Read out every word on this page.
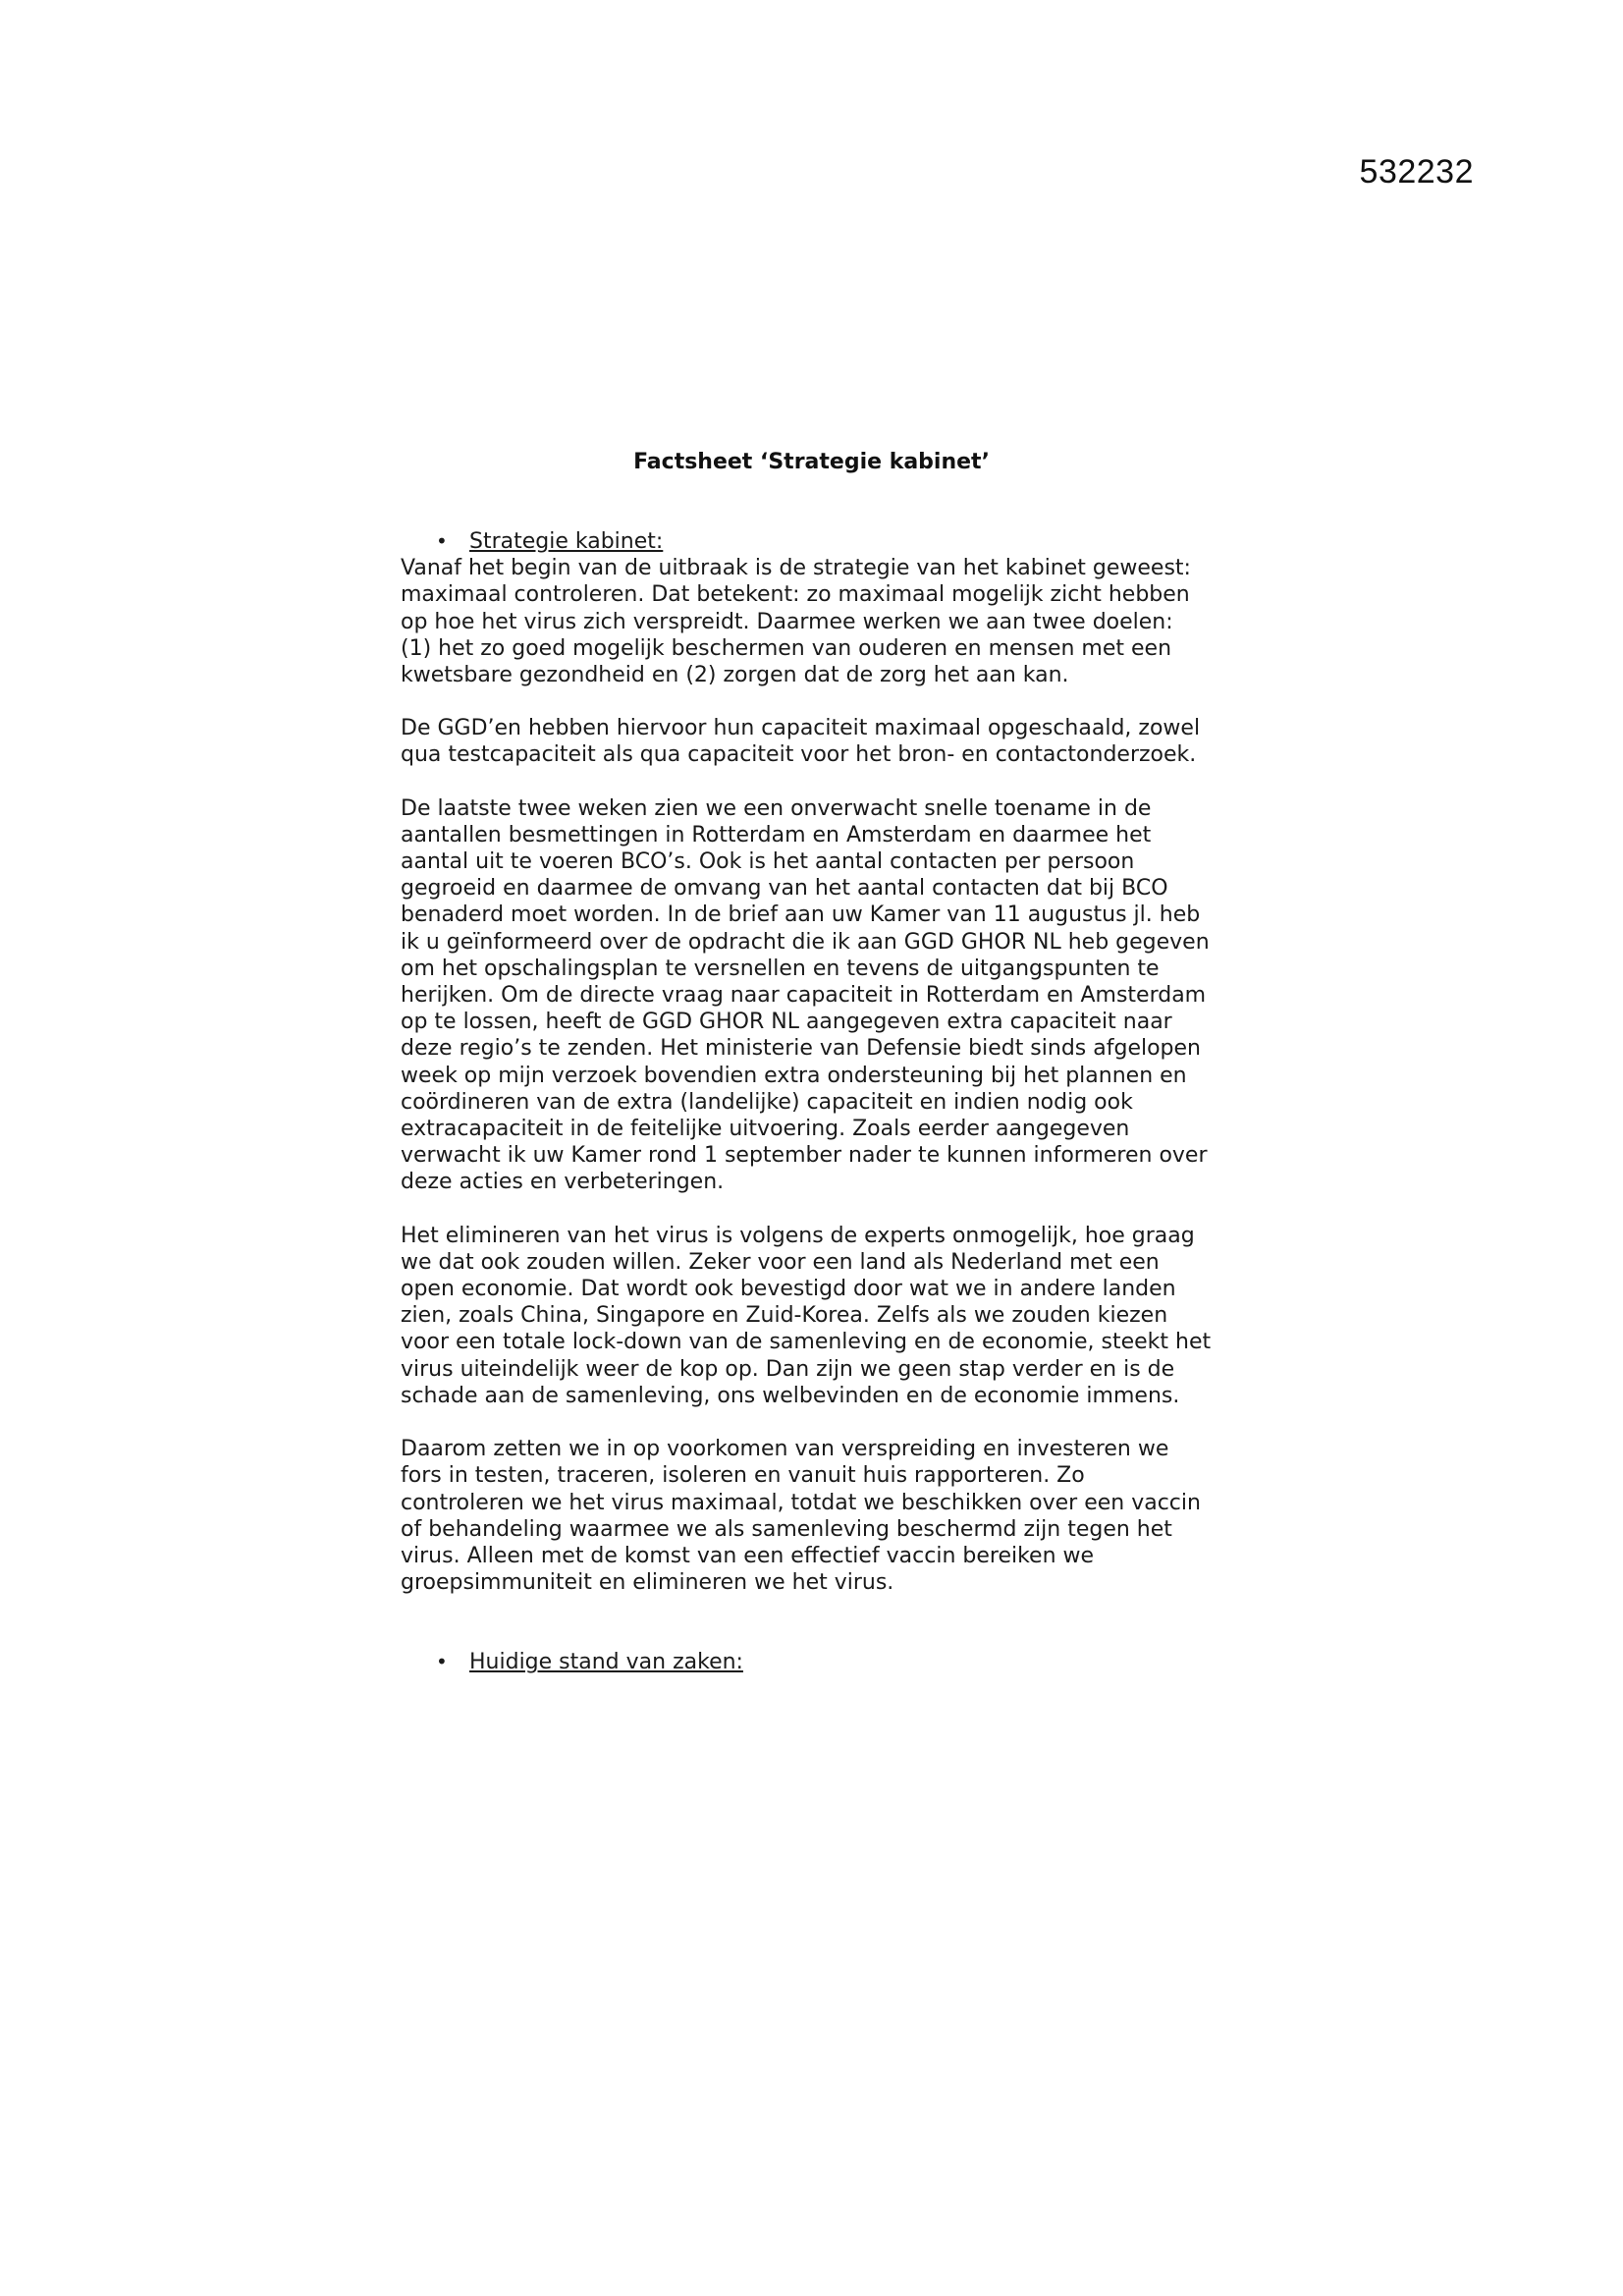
532232
Factsheet ‘Strategie kabinet’
• Strategie kabinet:

Vanaf het begin van de uitbraak is de strategie van het kabinet geweest:
maximaal controleren. Dat betekent: zo maximaal mogelijk zicht hebben
op hoe het virus zich verspreidt. Daarmee werken we aan twee doelen:
(1) het zo goed mogelijk beschermen van ouderen en mensen met een
kwetsbare gezondheid en (2) zorgen dat de zorg het aan kan.

De GGD’en hebben hiervoor hun capaciteit maximaal opgeschaald, zowel
qua testcapaciteit als qua capaciteit voor het bron- en contactonderzoek.

De laatste twee weken zien we een onverwacht snelle toename in de
aantallen besmettingen in Rotterdam en Amsterdam en daarmee het
aantal uit te voeren BCO’s. Ook is het aantal contacten per persoon
gegroeid en daarmee de omvang van het aantal contacten dat bij BCO
benaderd moet worden. In de brief aan uw Kamer van 11 augustus jl. heb
ik u geïnformeerd over de opdracht die ik aan GGD GHOR NL heb gegeven
om het opschalingsplan te versnellen en tevens de uitgangspunten te
herijken. Om de directe vraag naar capaciteit in Rotterdam en Amsterdam
op te lossen, heeft de GGD GHOR NL aangegeven extra capaciteit naar
deze regio’s te zenden. Het ministerie van Defensie biedt sinds afgelopen
week op mijn verzoek bovendien extra ondersteuning bij het plannen en
coördineren van de extra (landelijke) capaciteit en indien nodig ook
extracapaciteit in de feitelijke uitvoering. Zoals eerder aangegeven
verwacht ik uw Kamer rond 1 september nader te kunnen informeren over
deze acties en verbeteringen.

Het elimineren van het virus is volgens de experts onmogelijk, hoe graag
we dat ook zouden willen. Zeker voor een land als Nederland met een
open economie. Dat wordt ook bevestigd door wat we in andere landen
zien, zoals China, Singapore en Zuid-Korea. Zelfs als we zouden kiezen
voor een totale lock-down van de samenleving en de economie, steekt het
virus uiteindelijk weer de kop op. Dan zijn we geen stap verder en is de
schade aan de samenleving, ons welbevinden en de economie immens.

Daarom zetten we in op voorkomen van verspreiding en investeren we
fors in testen, traceren, isoleren en vanuit huis rapporteren. Zo
controleren we het virus maximaal, totdat we beschikken over een vaccin
of behandeling waarmee we als samenleving beschermd zijn tegen het
virus. Alleen met de komst van een effectief vaccin bereiken we
groepsimmuniteit en elimineren we het virus.

• Huidige stand van zaken:
